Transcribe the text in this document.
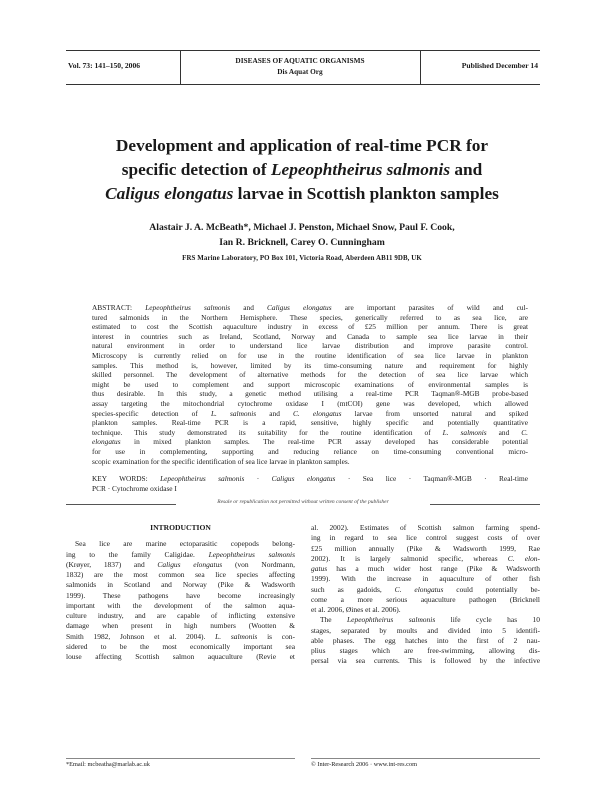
Vol. 73: 141–150, 2006
DISEASES OF AQUATIC ORGANISMS
Dis Aquat Org
Published December 14
Development and application of real-time PCR for
specific detection of Lepeophtheirus salmonis and
Caligus elongatus larvae in Scottish plankton samples
Alastair J. A. McBeath*, Michael J. Penston, Michael Snow, Paul F. Cook,
Ian R. Bricknell, Carey O. Cunningham
FRS Marine Laboratory, PO Box 101, Victoria Road, Aberdeen AB11 9DB, UK
ABSTRACT: Lepeophtheirus salmonis and Caligus elongatus are important parasites of wild and cul-
tured salmonids in the Northern Hemisphere. These species, generically referred to as sea lice, are
estimated to cost the Scottish aquaculture industry in excess of £25 million per annum. There is great
interest in countries such as Ireland, Scotland, Norway and Canada to sample sea lice larvae in their
natural environment in order to understand lice larvae distribution and improve parasite control.
Microscopy is currently relied on for use in the routine identification of sea lice larvae in plankton
samples. This method is, however, limited by its time-consuming nature and requirement for highly
skilled personnel. The development of alternative methods for the detection of sea lice larvae which
might be used to complement and support microscopic examinations of environmental samples is
thus desirable. In this study, a genetic method utilising a real-time PCR Taqman®-MGB probe-based
assay targeting the mitochondrial cytochrome oxidase I (mtCOI) gene was developed, which allowed
species-specific detection of L. salmonis and C. elongatus larvae from unsorted natural and spiked
plankton samples. Real-time PCR is a rapid, sensitive, highly specific and potentially quantitative
technique. This study demonstrated its suitability for the routine identification of L. salmonis and C.
elongatus in mixed plankton samples. The real-time PCR assay developed has considerable potential
for use in complementing, supporting and reducing reliance on time-consuming conventional micro-
scopic examination for the specific identification of sea lice larvae in plankton samples.
KEY WORDS: Lepeophtheirus salmonis · Caligus elongatus · Sea lice · Taqman®-MGB · Real-time
PCR · Cytochrome oxidase I
Resale or republication not permitted without written consent of the publisher
INTRODUCTION
Sea lice are marine ectoparasitic copepods belong-
ing to the family Caligidae. Lepeophtheirus salmonis
(Krøyer, 1837) and Caligus elongatus (von Nordmann,
1832) are the most common sea lice species affecting
salmonids in Scotland and Norway (Pike & Wadsworth
1999). These pathogens have become increasingly
important with the development of the salmon aqua-
culture industry, and are capable of inflicting extensive
damage when present in high numbers (Wootten &
Smith 1982, Johnson et al. 2004). L. salmonis is con-
sidered to be the most economically important sea
louse affecting Scottish salmon aquaculture (Revie et
al. 2002). Estimates of Scottish salmon farming spend-
ing in regard to sea lice control suggest costs of over
£25 million annually (Pike & Wadsworth 1999, Rae
2002). It is largely salmonid specific, whereas C. elon-
gatus has a much wider host range (Pike & Wadsworth
1999). With the increase in aquaculture of other fish
such as gadoids, C. elongatus could potentially be-
come a more serious aquaculture pathogen (Bricknell
et al. 2006, Øines et al. 2006).
The Lepeophtheirus salmonis life cycle has 10
stages, separated by moults and divided into 5 identifi-
able phases. The egg hatches into the first of 2 nau-
plius stages which are free-swimming, allowing dis-
persal via sea currents. This is followed by the infective
*Email: mcbeatha@marlab.ac.uk	© Inter-Research 2006 · www.int-res.com
